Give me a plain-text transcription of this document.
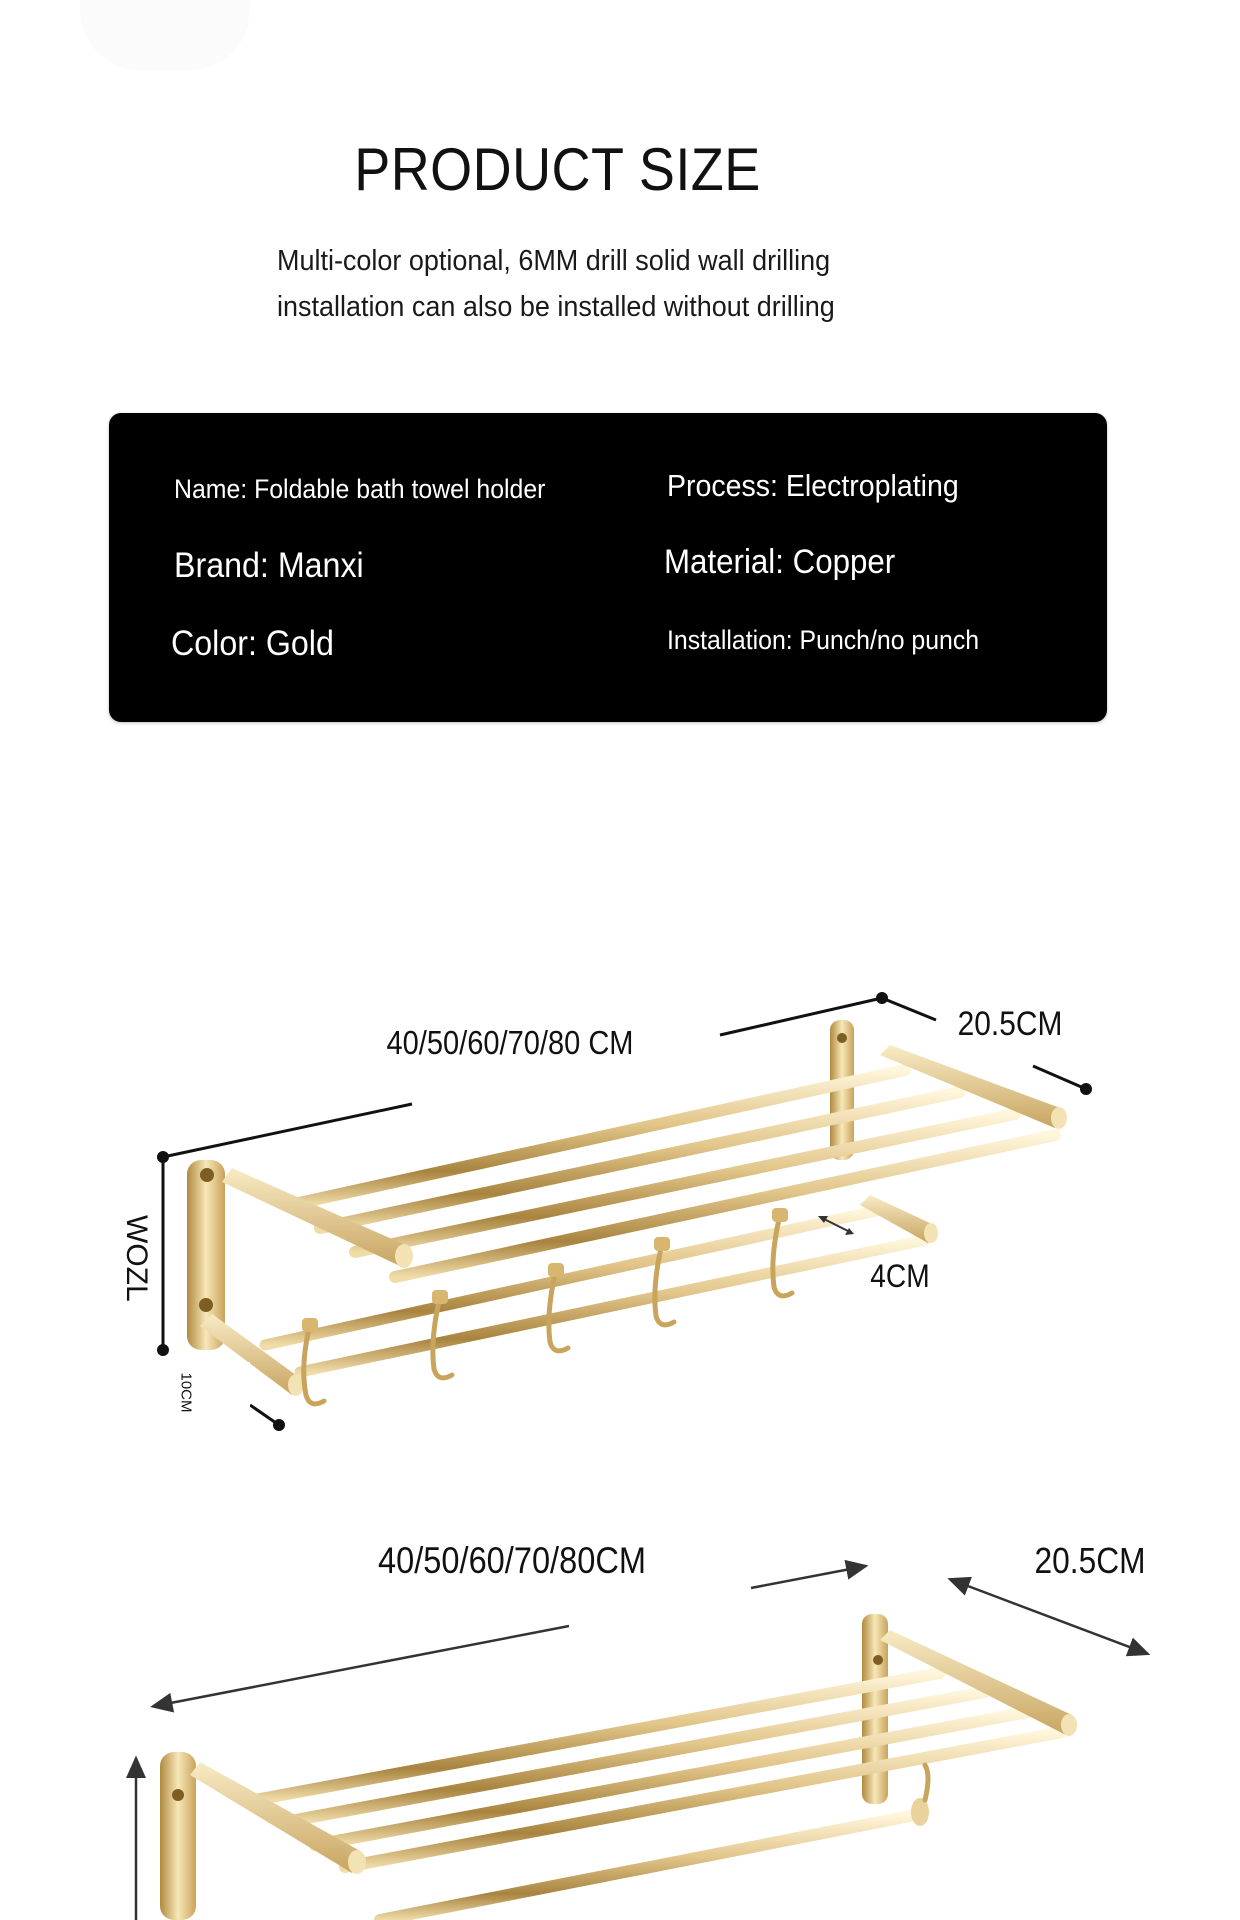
PRODUCT SIZE
Multi-color optional, 6MM drill solid wall drilling
installation can also be installed without drilling
Name: Foldable bath towel holder
Brand: Manxi
Color: Gold
Process: Electroplating
Material: Copper
Installation: Punch/no punch
40/50/60/70/80 CM	20.5CM
4CM
WOZL
10CM
40/50/60/70/80CM	20.5CM
